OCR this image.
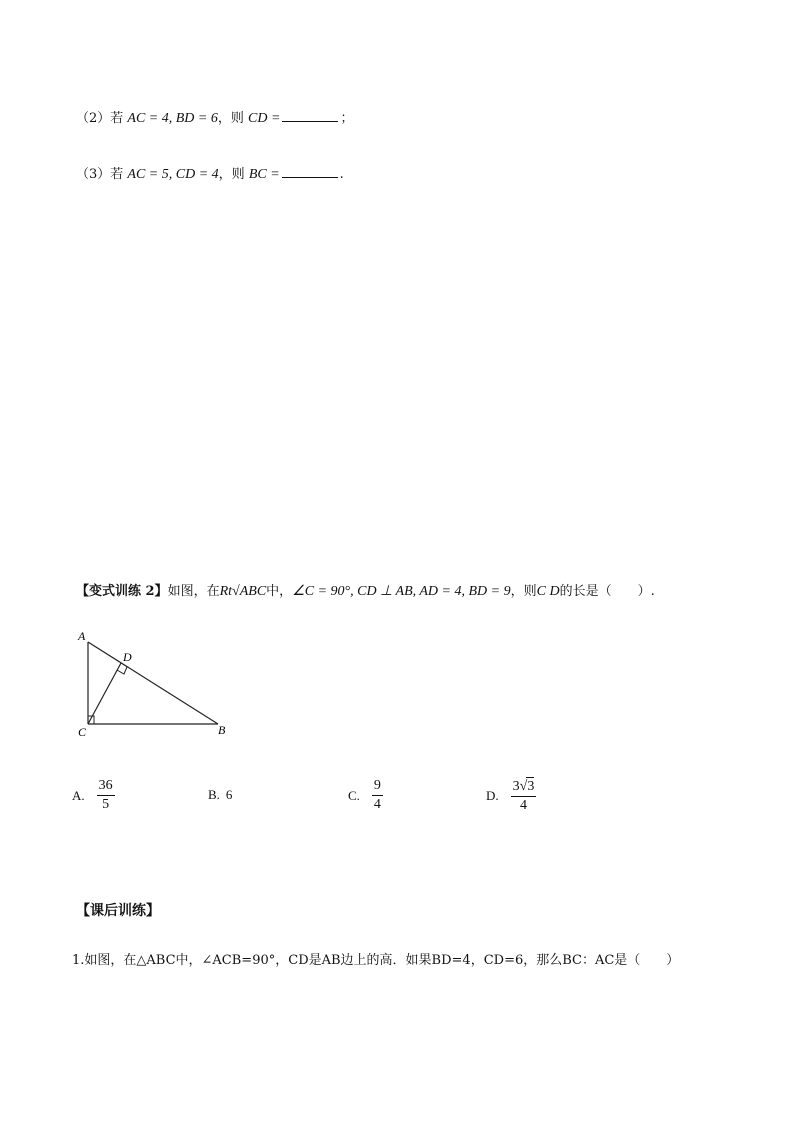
（2）若 AC = 4, BD = 6，则 CD =	；
（3）若 AC = 5, CD = 4，则 BC =	.
【变式训练 2】如图，在Rt√ABC中，∠C = 90°, CD ⊥ AB, AD = 4, BD = 9，则C D的长是（　　）.
A
D
C	B
A. $\frac{36}{5}$	B. 6	C. $\frac{9}{4}$	D. $\frac{3√3}{4}$
【课后训练】
1.如图，在△ABC中，∠ACB=90°，CD是AB边上的高．如果BD=4，CD=6，那么BC：AC是（　　）
